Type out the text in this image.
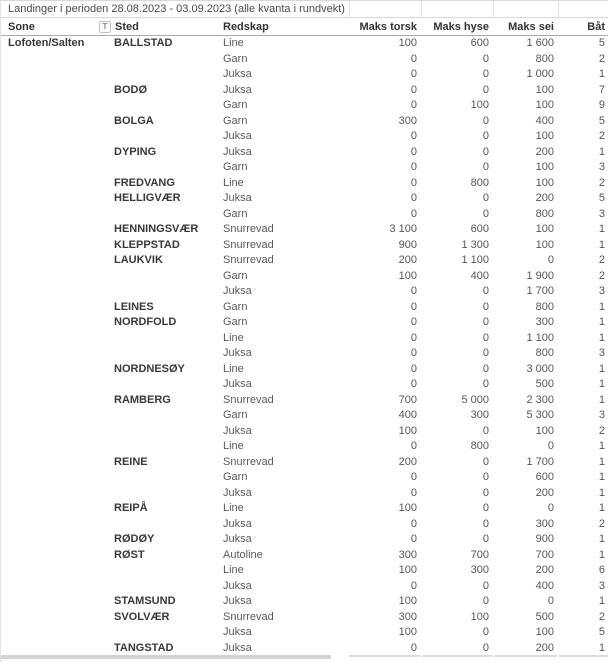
Landinger i perioden 28.08.2023 - 03.09.2023 (alle kvanta i rundvekt)
Sone	T Sted	Redskap	Maks torsk	Maks hyse	Maks sei	Båt
Lofoten/Salten	BALLSTAD	Line	100	600	1 600	5
Garn	0	0	800	2
Juksa	0	0	1 000	1
BODØ	Juksa	0	0	100	7
Garn	0	100	100	9
BOLGA	Garn	300	0	400	5
Juksa	0	0	100	2
DYPING	Juksa	0	0	200	1
Garn	0	0	100	3
FREDVANG	Line	0	800	100	2
HELLIGVÆR	Juksa	0	0	200	5
Garn	0	0	800	3
HENNINGSVÆR	Snurrevad	3 100	600	100	1
KLEPPSTAD	Snurrevad	900	1 300	100	1
LAUKVIK	Snurrevad	200	1 100	0	2
Garn	100	400	1 900	2
Juksa	0	0	1 700	3
LEINES	Garn	0	0	800	1
NORDFOLD	Garn	0	0	300	1
Line	0	0	1 100	1
Juksa	0	0	800	3
NORDNESØY	Line	0	0	3 000	1
Juksa	0	0	500	1
RAMBERG	Snurrevad	700	5 000	2 300	1
Garn	400	300	5 300	3
Juksa	100	0	100	2
Line	0	800	0	1
REINE	Snurrevad	200	0	1 700	1
Garn	0	0	600	1
Juksa	0	0	200	1
REIPÅ	Line	100	0	0	1
Juksa	0	0	300	2
RØDØY	Juksa	0	0	900	1
RØST	Autoline	300	700	700	1
Line	100	300	200	6
Juksa	0	0	400	3
STAMSUND	Juksa	100	0	0	1
SVOLVÆR	Snurrevad	300	100	500	2
Juksa	100	0	100	5
TANGSTAD	Juksa	0	0	200	1
